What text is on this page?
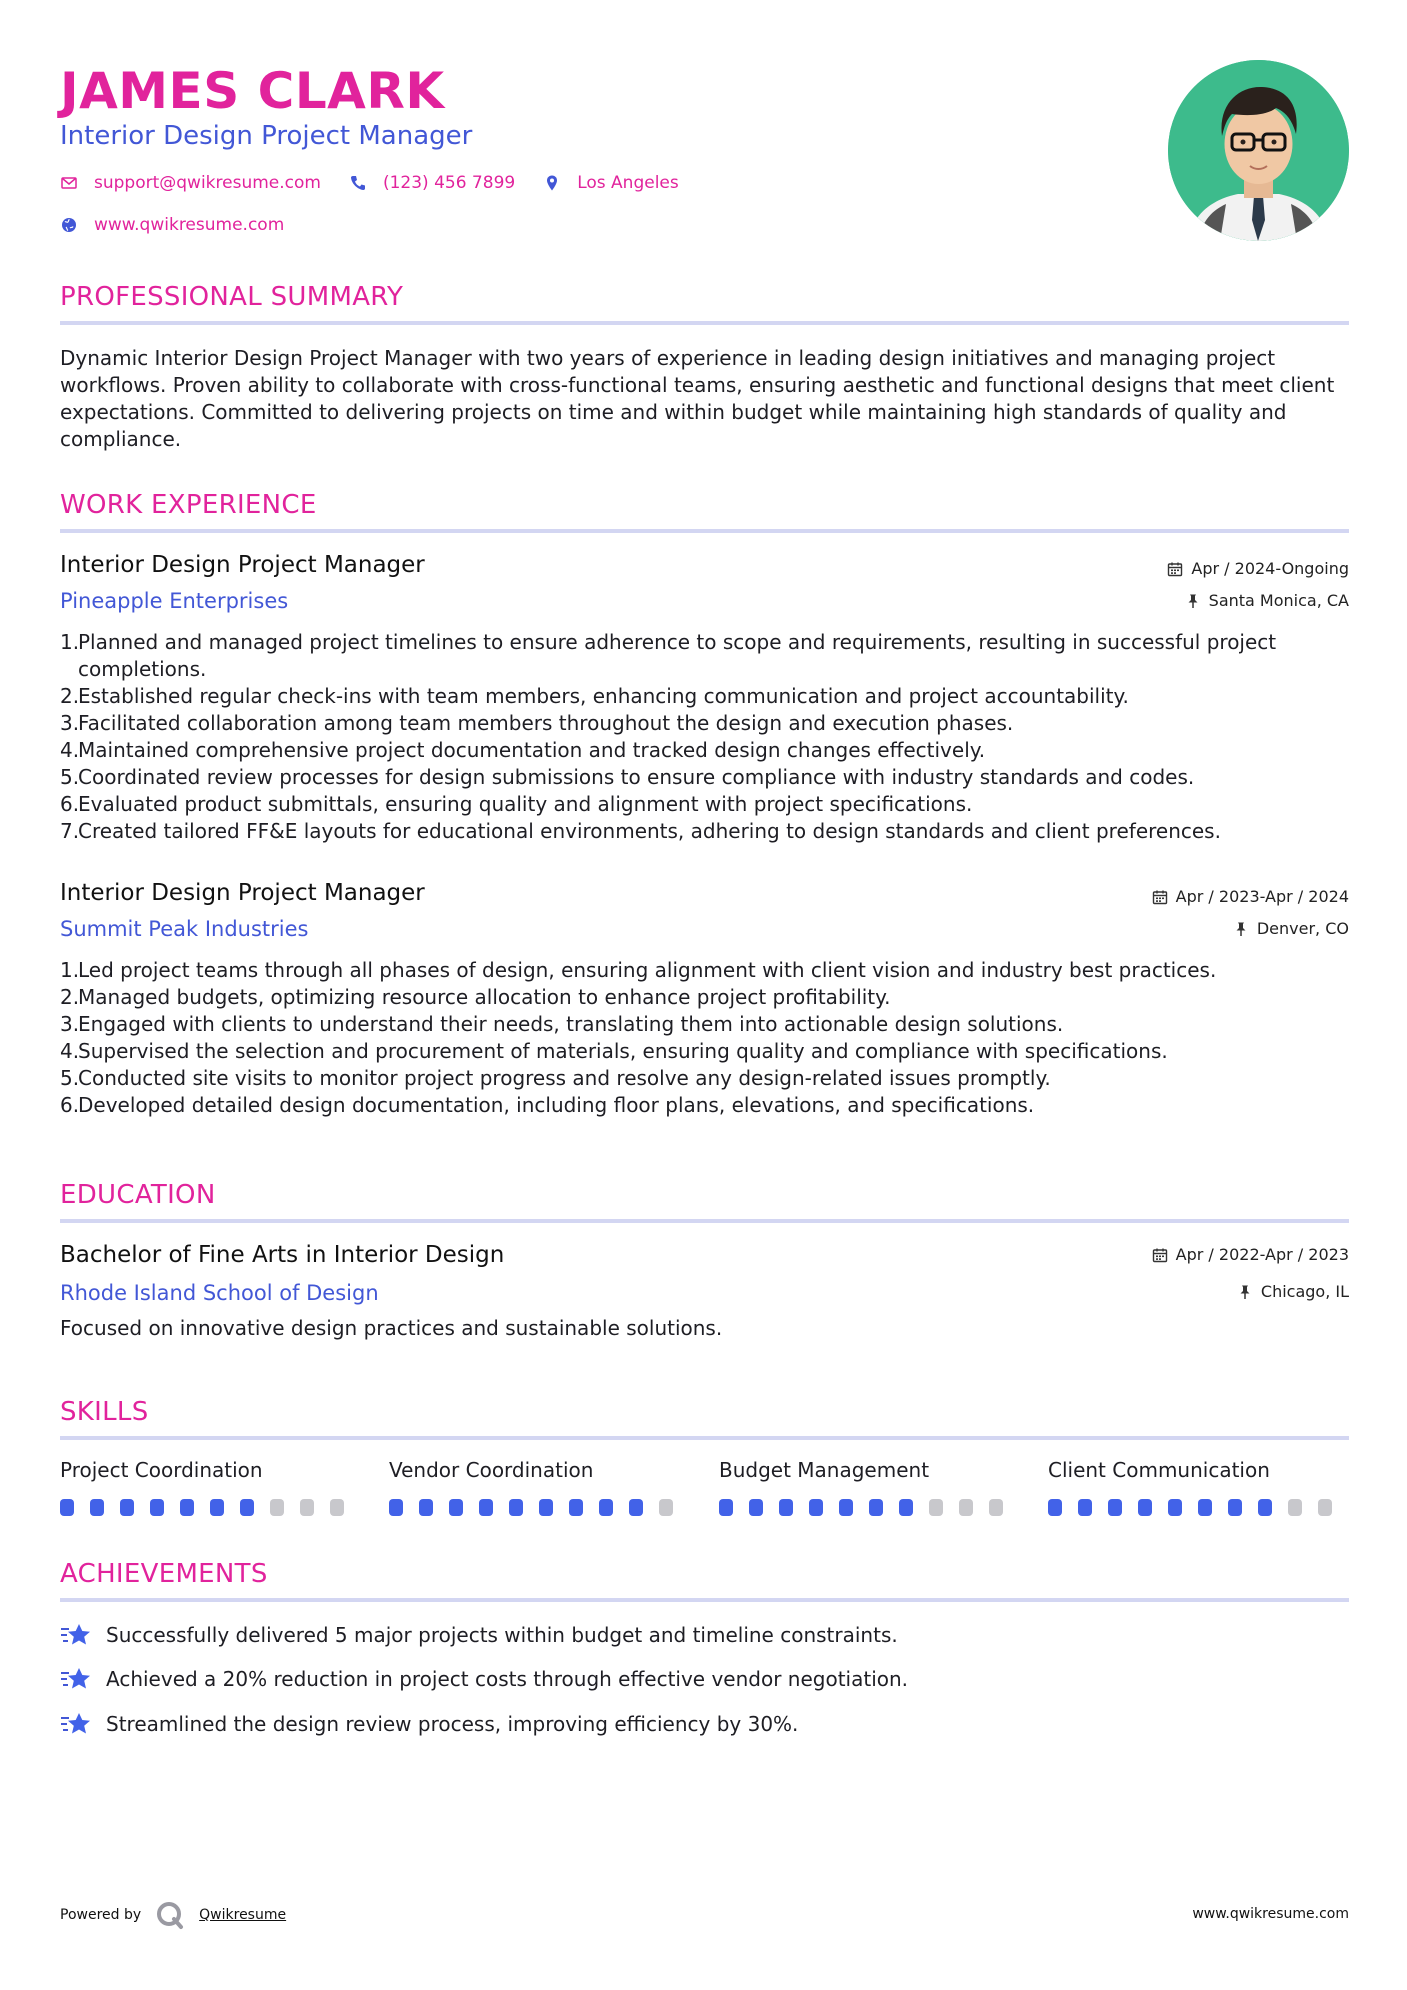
JAMES CLARK
Interior Design Project Manager
support@qwikresume.com	(123) 456 7899	Los Angeles
www.qwikresume.com
PROFESSIONAL SUMMARY
Dynamic Interior Design Project Manager with two years of experience in leading design initiatives and managing project workflows. Proven ability to collaborate with cross-functional teams, ensuring aesthetic and functional designs that meet client expectations. Committed to delivering projects on time and within budget while maintaining high standards of quality and compliance.
WORK EXPERIENCE
Interior Design Project Manager
Pineapple Enterprises
Apr / 2024-Ongoing
Santa Monica, CA
1.
Planned and managed project timelines to ensure adherence to scope and requirements, resulting in successful project completions.
2.
Established regular check-ins with team members, enhancing communication and project accountability.
3.
Facilitated collaboration among team members throughout the design and execution phases.
4.
Maintained comprehensive project documentation and tracked design changes effectively.
5.
Coordinated review processes for design submissions to ensure compliance with industry standards and codes.
6.
Evaluated product submittals, ensuring quality and alignment with project specifications.
7.
Created tailored FF&E layouts for educational environments, adhering to design standards and client preferences.
Interior Design Project Manager
Summit Peak Industries
Apr / 2023-Apr / 2024
Denver, CO
1.
Led project teams through all phases of design, ensuring alignment with client vision and industry best practices.
2.
Managed budgets, optimizing resource allocation to enhance project profitability.
3.
Engaged with clients to understand their needs, translating them into actionable design solutions.
4.
Supervised the selection and procurement of materials, ensuring quality and compliance with specifications.
5.
Conducted site visits to monitor project progress and resolve any design-related issues promptly.
6.
Developed detailed design documentation, including floor plans, elevations, and specifications.
EDUCATION
Bachelor of Fine Arts in Interior Design
Rhode Island School of Design
Apr / 2022-Apr / 2023
Chicago, IL
Focused on innovative design practices and sustainable solutions.
SKILLS
Project Coordination	Vendor Coordination	Budget Management	Client Communication
ACHIEVEMENTS
Successfully delivered 5 major projects within budget and timeline constraints.
Achieved a 20% reduction in project costs through effective vendor negotiation.
Streamlined the design review process, improving efficiency by 30%.
Powered by	Qwikresume	www.qwikresume.com
